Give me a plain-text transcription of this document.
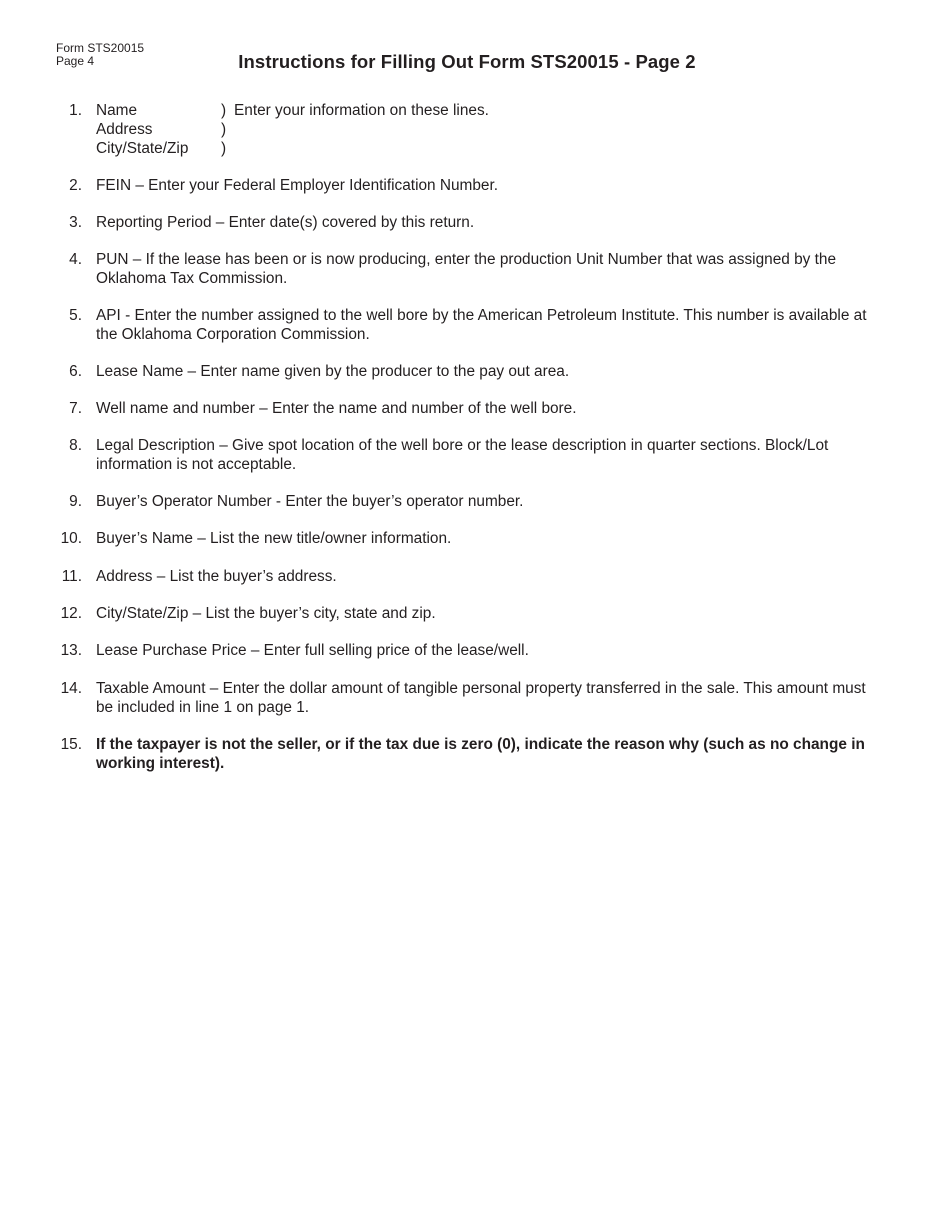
Form STS20015
Page 4	Instructions for Filling Out Form STS20015 - Page 2
1. Name	) Enter your information on these lines.
Address	)
City/State/Zip )
2. FEIN – Enter your Federal Employer Identification Number.
3. Reporting Period – Enter date(s) covered by this return.
4. PUN – If the lease has been or is now producing, enter the production Unit Number that was assigned by the Oklahoma Tax Commission.
5. API - Enter the number assigned to the well bore by the American Petroleum Institute. This number is available at the Oklahoma Corporation Commission.
6. Lease Name – Enter name given by the producer to the pay out area.
7. Well name and number – Enter the name and number of the well bore.
8. Legal Description – Give spot location of the well bore or the lease description in quarter sections. Block/Lot information is not acceptable.
9. Buyer’s Operator Number - Enter the buyer’s operator number.
10. Buyer’s Name – List the new title/owner information.
11. Address – List the buyer’s address.
12. City/State/Zip – List the buyer’s city, state and zip.
13. Lease Purchase Price – Enter full selling price of the lease/well.
14. Taxable Amount – Enter the dollar amount of tangible personal property transferred in the sale. This amount must be included in line 1 on page 1.
15. If the taxpayer is not the seller, or if the tax due is zero (0), indicate the reason why (such as no change in working interest).
